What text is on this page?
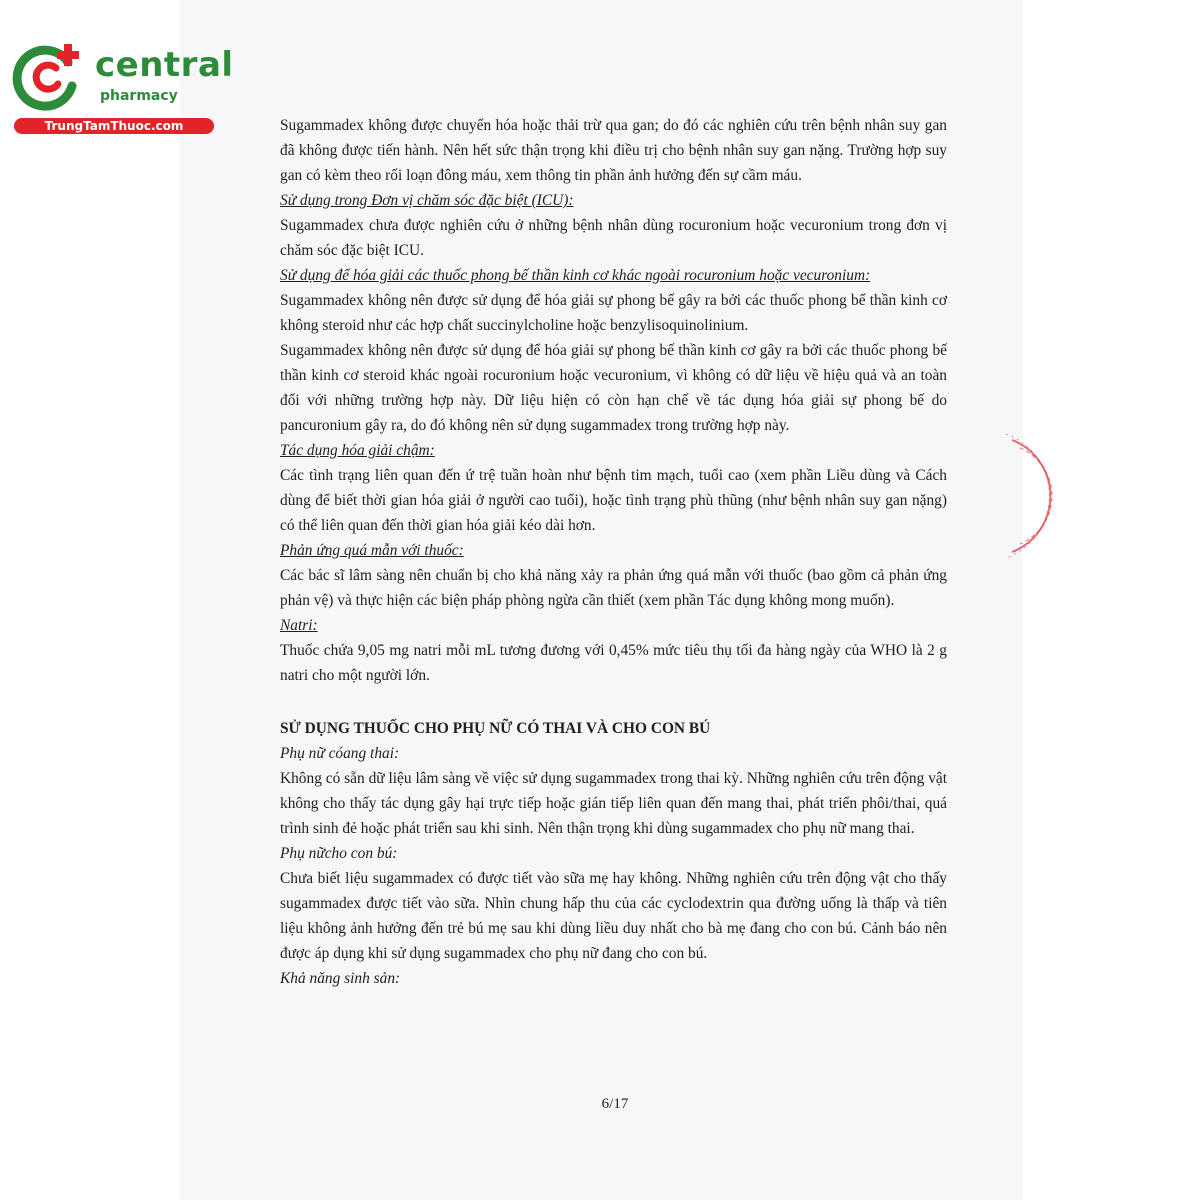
central
pharmacy
TrungTamThuoc.com	Sugammadex không được chuyển hóa hoặc thải trừ qua gan; do đó các nghiên cứu trên bệnh nhân suy gan đã không được tiến hành. Nên hết sức thận trọng khi điều trị cho bệnh nhân suy gan nặng. Trường hợp suy gan có kèm theo rối loạn đông máu, xem thông tin phần ảnh hưởng đến sự cầm máu.

Sử dụng trong Đơn vị chăm sóc đặc biệt (ICU):

Sugammadex chưa được nghiên cứu ở những bệnh nhân dùng rocuronium hoặc vecuronium trong đơn vị chăm sóc đặc biệt ICU.

Sử dụng để hóa giải các thuốc phong bế thần kinh cơ khác ngoài rocuronium hoặc vecuronium:

Sugammadex không nên được sử dụng để hóa giải sự phong bế gây ra bởi các thuốc phong bế thần kinh cơ không steroid như các hợp chất succinylcholine hoặc benzylisoquinolinium.

Sugammadex không nên được sử dụng để hóa giải sự phong bế thần kinh cơ gây ra bởi các thuốc phong bế thần kinh cơ steroid khác ngoài rocuronium hoặc vecuronium, vì không có dữ liệu về hiệu quả và an toàn đối với những trường hợp này. Dữ liệu hiện có còn hạn chế về tác dụng hóa giải sự phong bế do pancuronium gây ra, do đó không nên sử dụng sugammadex trong trường hợp này.

Tác dụng hóa giải chậm:

Các tình trạng liên quan đến ứ trệ tuần hoàn như bệnh tim mạch, tuổi cao (xem phần Liều dùng và Cách dùng để biết thời gian hóa giải ở người cao tuổi), hoặc tình trạng phù thũng (như bệnh nhân suy gan nặng) có thể liên quan đến thời gian hóa giải kéo dài hơn.

Phản ứng quá mẫn với thuốc:

Các bác sĩ lâm sàng nên chuẩn bị cho khả năng xảy ra phản ứng quá mẫn với thuốc (bao gồm cả phản ứng phản vệ) và thực hiện các biện pháp phòng ngừa cần thiết (xem phần Tác dụng không mong muốn).

Natri:

Thuốc chứa 9,05 mg natri mỗi mL tương đương với 0,45% mức tiêu thụ tối đa hàng ngày của WHO là 2 g natri cho một người lớn.

SỬ DỤNG THUỐC CHO PHỤ NỮ CÓ THAI VÀ CHO CON BÚ

Phụ nữ cóang thai:

Không có sẵn dữ liệu lâm sàng về việc sử dụng sugammadex trong thai kỳ. Những nghiên cứu trên động vật không cho thấy tác dụng gây hại trực tiếp hoặc gián tiếp liên quan đến mang thai, phát triển phôi/thai, quá trình sinh đẻ hoặc phát triển sau khi sinh. Nên thận trọng khi dùng sugammadex cho phụ nữ mang thai.

Phụ nữcho con bú:

Chưa biết liệu sugammadex có được tiết vào sữa mẹ hay không. Những nghiên cứu trên động vật cho thấy sugammadex được tiết vào sữa. Nhìn chung hấp thu của các cyclodextrin qua đường uống là thấp và tiên liệu không ảnh hưởng đến trẻ bú mẹ sau khi dùng liều duy nhất cho bà mẹ đang cho con bú. Cảnh báo nên được áp dụng khi sử dụng sugammadex cho phụ nữ đang cho con bú.

Khả năng sinh sản:

6/17
